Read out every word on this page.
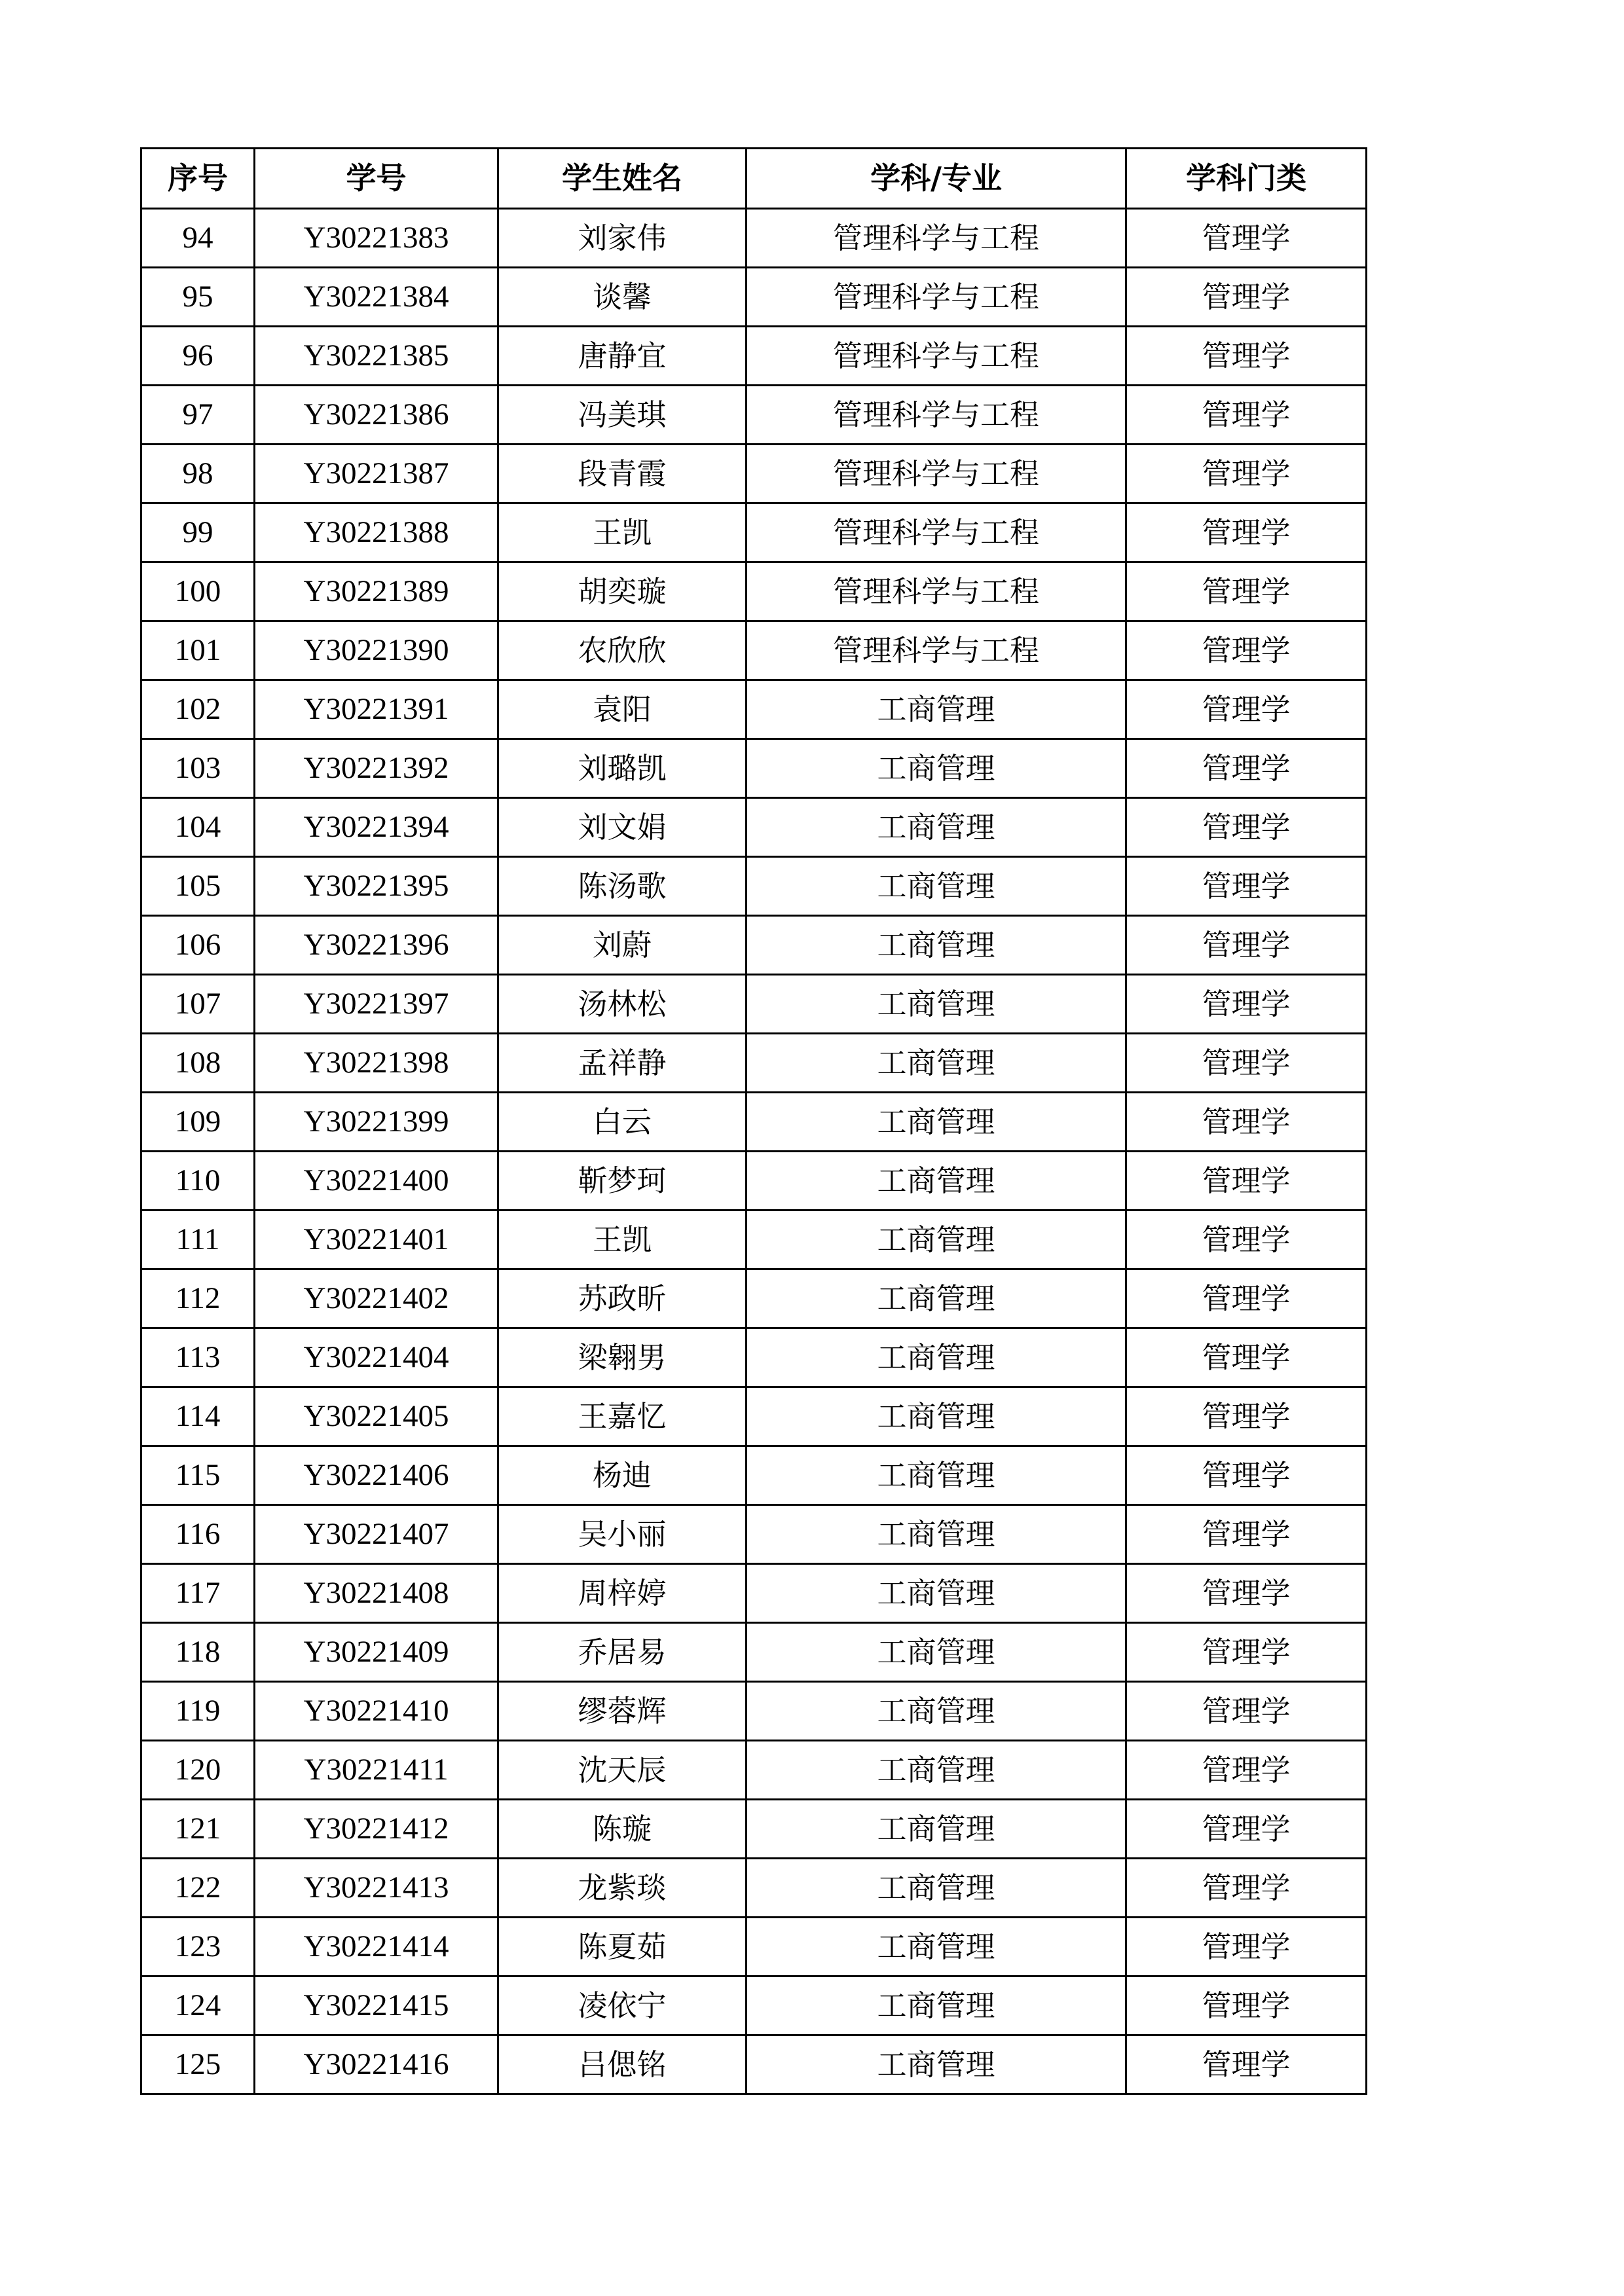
序号	学号	学生姓名	学科/专业	学科门类
94	Y30221383	刘家伟	管理科学与工程	管理学
95	Y30221384	谈馨	管理科学与工程	管理学
96	Y30221385	唐静宜	管理科学与工程	管理学
97	Y30221386	冯美琪	管理科学与工程	管理学
98	Y30221387	段青霞	管理科学与工程	管理学
99	Y30221388	王凯	管理科学与工程	管理学
100	Y30221389	胡奕璇	管理科学与工程	管理学
101	Y30221390	农欣欣	管理科学与工程	管理学
102	Y30221391	袁阳	工商管理	管理学
103	Y30221392	刘璐凯	工商管理	管理学
104	Y30221394	刘文娟	工商管理	管理学
105	Y30221395	陈汤歌	工商管理	管理学
106	Y30221396	刘蔚	工商管理	管理学
107	Y30221397	汤林松	工商管理	管理学
108	Y30221398	孟祥静	工商管理	管理学
109	Y30221399	白云	工商管理	管理学
110	Y30221400	靳梦珂	工商管理	管理学
111	Y30221401	王凯	工商管理	管理学
112	Y30221402	苏政昕	工商管理	管理学
113	Y30221404	梁翱男	工商管理	管理学
114	Y30221405	王嘉忆	工商管理	管理学
115	Y30221406	杨迪	工商管理	管理学
116	Y30221407	吴小丽	工商管理	管理学
117	Y30221408	周梓婷	工商管理	管理学
118	Y30221409	乔居易	工商管理	管理学
119	Y30221410	缪蓉辉	工商管理	管理学
120	Y30221411	沈天辰	工商管理	管理学
121	Y30221412	陈璇	工商管理	管理学
122	Y30221413	龙紫琰	工商管理	管理学
123	Y30221414	陈夏茹	工商管理	管理学
124	Y30221415	凌依宁	工商管理	管理学
125	Y30221416	吕偲铭	工商管理	管理学
